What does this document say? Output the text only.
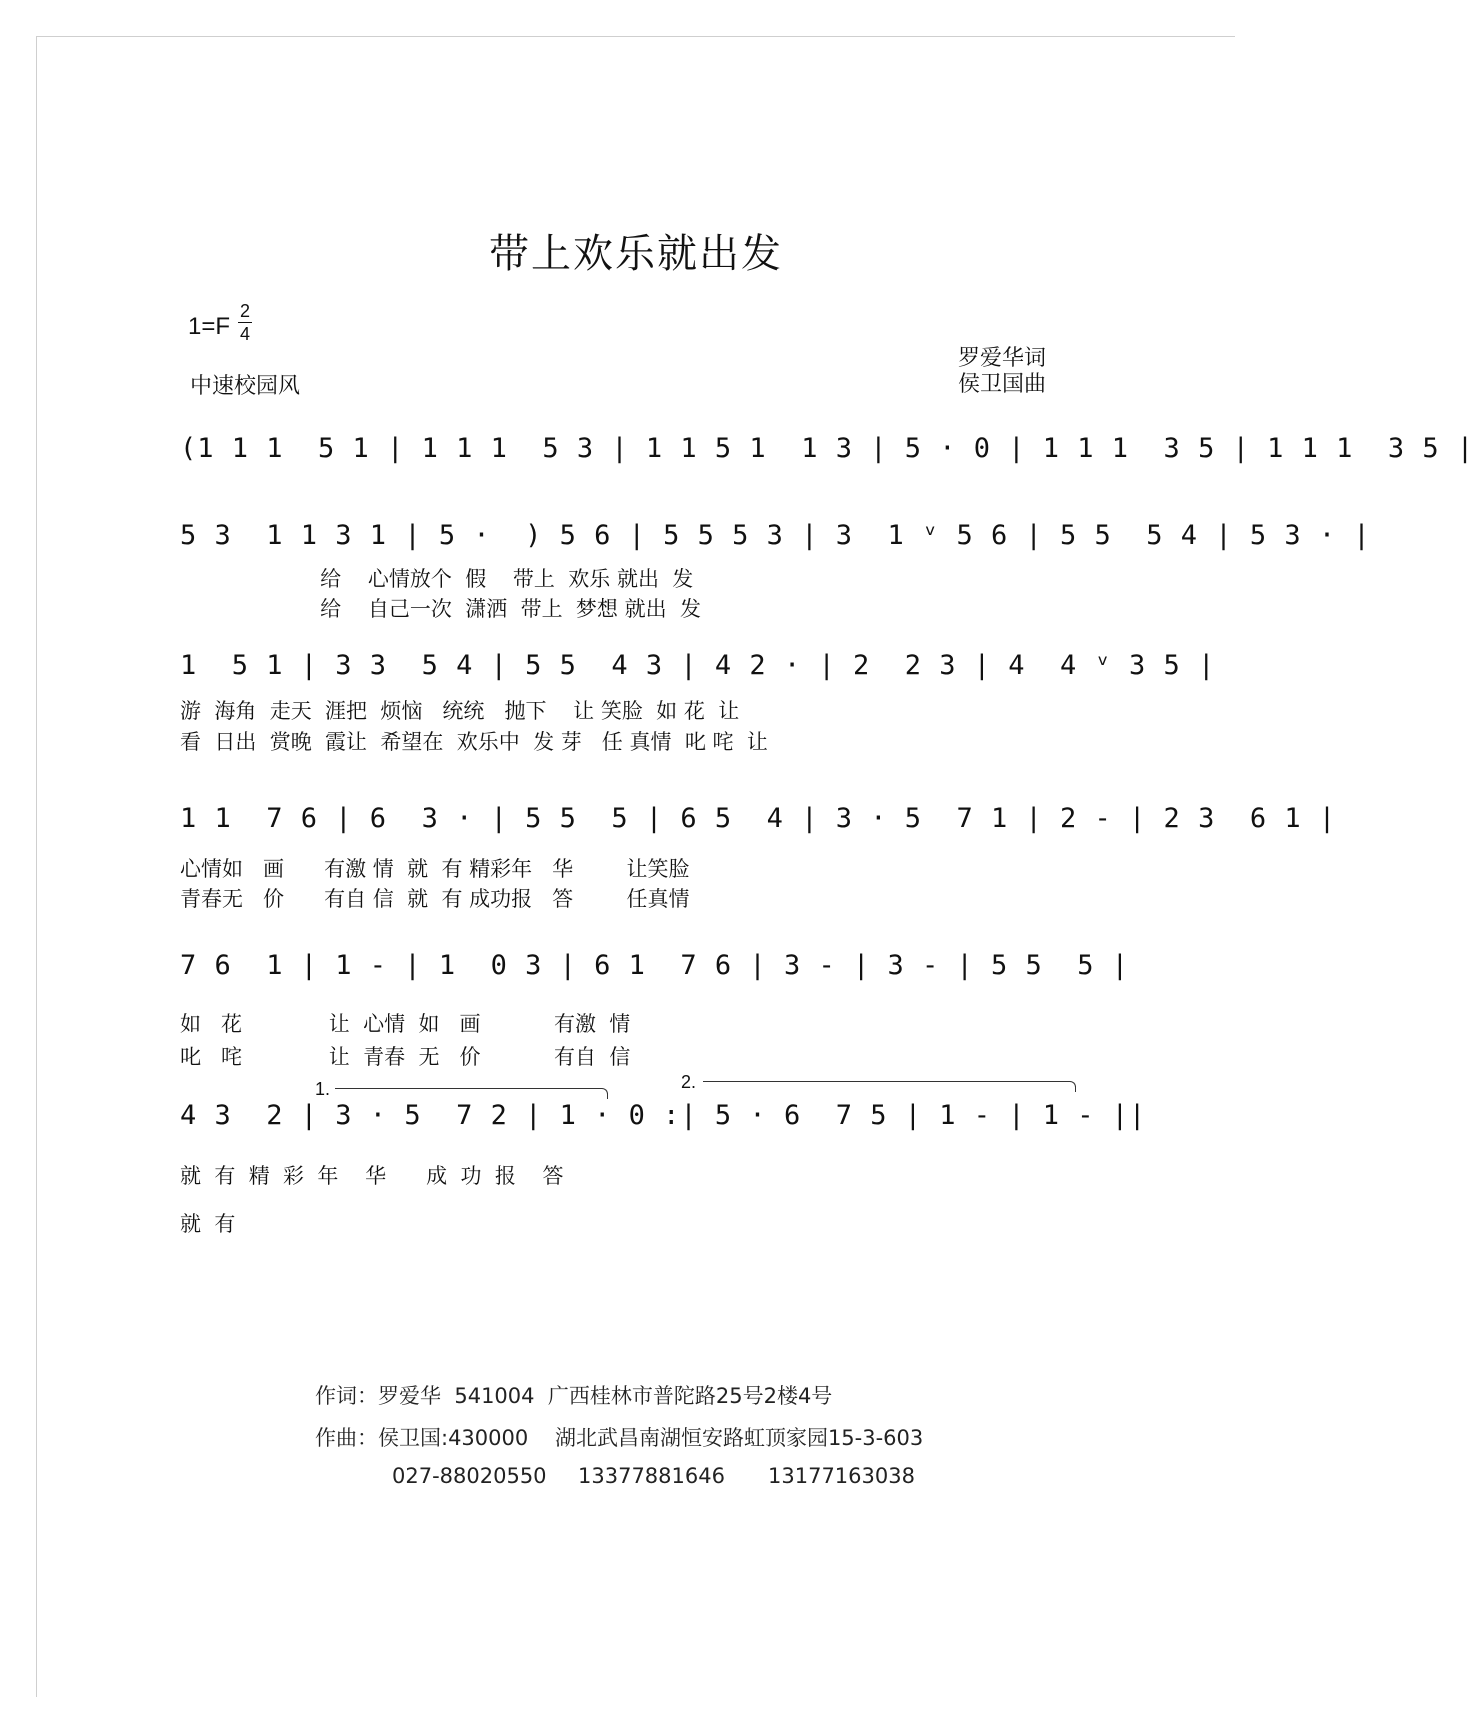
带上欢乐就出发
1=F
2
4
中速校园风
罗爱华词
侯卫国曲
(1 1 1  5 1 | 1 1 1  5 3 | 1 1 5 1  1 3 | 5 · 0 | 1 1 1  3 5 | 1 1 1  3 5 |
5 3  1 1 3 1 | 5 ·  ) 5 6 | 5 5 5 3 | 3  1 ᵛ 5 6 | 5 5  5 4 | 5 3 · |
给    心情放个  假    带上  欢乐 就出  发
给    自己一次  潇洒  带上  梦想 就出  发
1  5 1 | 3 3  5 4 | 5 5  4 3 | 4 2 · | 2  2 3 | 4  4 ᵛ 3 5 |
游  海角  走天  涯把  烦恼   统统   抛下    让 笑脸  如 花  让
看  日出  赏晚  霞让  希望在  欢乐中  发 芽   任 真情  叱 咤  让
1 1  7 6 | 6  3 · | 5 5  5 | 6 5  4 | 3 · 5  7 1 | 2 - | 2 3  6 1 |
心情如   画      有激 情  就  有 精彩年   华        让笑脸
青春无   价      有自 信  就  有 成功报   答        任真情
7 6  1 | 1 - | 1  0 3 | 6 1  7 6 | 3 - | 3 - | 5 5  5 |
如   花             让  心情  如   画           有激  情
叱   咤             让  青春  无   价           有自  信
1.	2.
4 3  2 | 3 · 5  7 2 | 1 · 0 :| 5 · 6  7 5 | 1 - | 1 - ||
就  有  精  彩  年    华      成  功  报    答
就  有
作词：罗爱华  541004  广西桂林市普陀路25号2楼4号
作曲：侯卫国:430000    湖北武昌南湖恒安路虹顶家园15-3-603
027-88020550 13377881646 13177163038
